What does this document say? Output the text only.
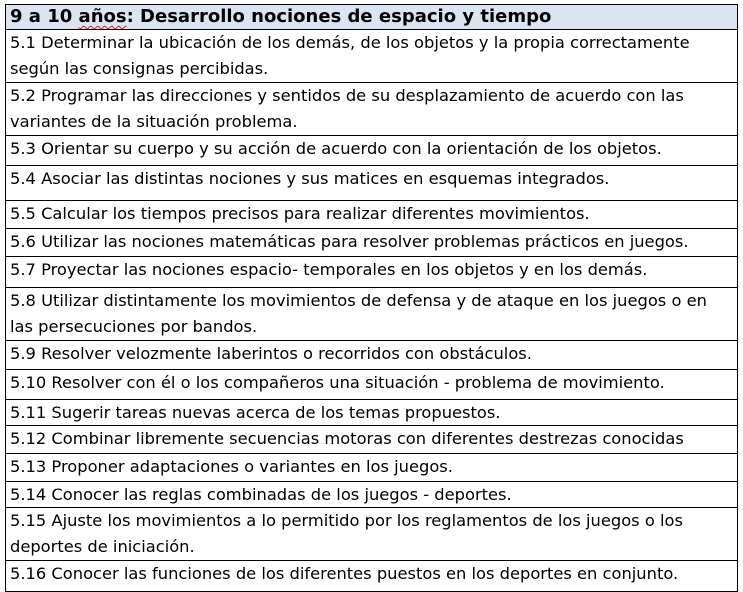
9 a 10 años: Desarrollo nociones de espacio y tiempo
5.1 Determinar la ubicación de los demás, de los objetos y la propia correctamente según las consignas percibidas.
5.2 Programar las direcciones y sentidos de su desplazamiento de acuerdo con las variantes de la situación problema.
5.3 Orientar su cuerpo y su acción de acuerdo con la orientación de los objetos.
5.4 Asociar las distintas nociones y sus matices en esquemas integrados.
5.5 Calcular los tiempos precisos para realizar diferentes movimientos.
5.6 Utilizar las nociones matemáticas para resolver problemas prácticos en juegos.
5.7 Proyectar las nociones espacio- temporales en los objetos y en los demás.
5.8 Utilizar distintamente los movimientos de defensa y de ataque en los juegos o en las persecuciones por bandos.
5.9 Resolver velozmente laberintos o recorridos con obstáculos.
5.10 Resolver con él o los compañeros una situación - problema de movimiento.
5.11 Sugerir tareas nuevas acerca de los temas propuestos.
5.12 Combinar libremente secuencias motoras con diferentes destrezas conocidas
5.13 Proponer adaptaciones o variantes en los juegos.
5.14 Conocer las reglas combinadas de los juegos - deportes.
5.15 Ajuste los movimientos a lo permitido por los reglamentos de los juegos o los deportes de iniciación.
5.16 Conocer las funciones de los diferentes puestos en los deportes en conjunto.
